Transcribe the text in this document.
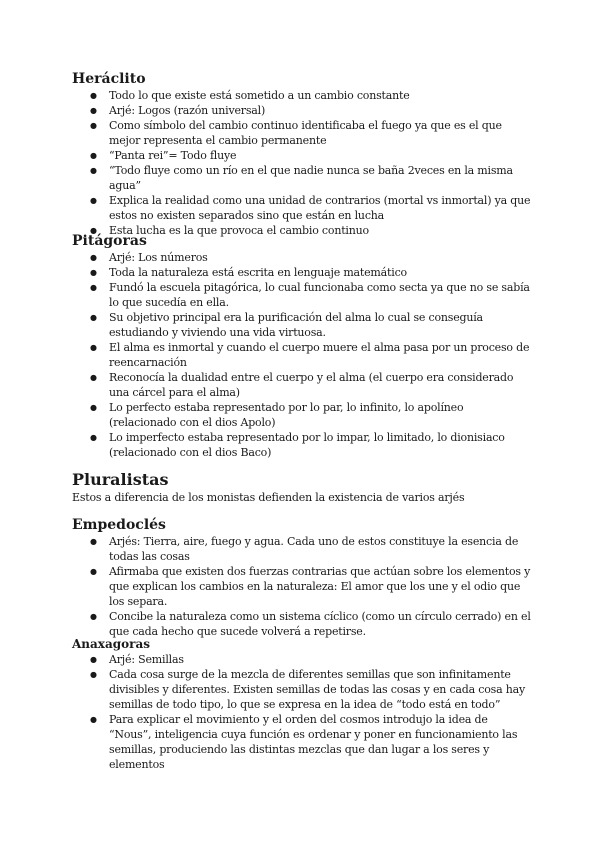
Heráclito
● Todo lo que existe está sometido a un cambio constante
● Arjé: Logos (razón universal)
● Como símbolo del cambio continuo identificaba el fuego ya que es el que mejor representa el cambio permanente
● “Panta rei”= Todo fluye
● “Todo fluye como un río en el que nadie nunca se baña 2veces en la misma agua”
● Explica la realidad como una unidad de contrarios (mortal vs inmortal) ya que estos no existen separados sino que están en lucha
● Esta lucha es la que provoca el cambio continuo
Pitágoras
● Arjé: Los números
● Toda la naturaleza está escrita en lenguaje matemático
● Fundó la escuela pitagórica, lo cual funcionaba como secta ya que no se sabía lo que sucedía en ella.
● Su objetivo principal era la purificación del alma lo cual se conseguía estudiando y viviendo una vida virtuosa.
● El alma es inmortal y cuando el cuerpo muere el alma pasa por un proceso de reencarnación
● Reconocía la dualidad entre el cuerpo y el alma (el cuerpo era considerado una cárcel para el alma)
● Lo perfecto estaba representado por lo par, lo infinito, lo apolíneo (relacionado con el dios Apolo)
● Lo imperfecto estaba representado por lo impar, lo limitado, lo dionisiaco (relacionado con el dios Baco)
Pluralistas

Estos a diferencia de los monistas defienden la existencia de varios arjés

Empedoclés
● Arjés: Tierra, aire, fuego y agua. Cada uno de estos constituye la esencia de todas las cosas
● Afirmaba que existen dos fuerzas contrarias que actúan sobre los elementos y que explican los cambios en la naturaleza: El amor que los une y el odio que los separa.
● Concibe la naturaleza como un sistema cíclico (como un círculo cerrado) en el que cada hecho que sucede volverá a repetirse.
Anaxagoras
● Arjé: Semillas
● Cada cosa surge de la mezcla de diferentes semillas que son infinitamente divisibles y diferentes. Existen semillas de todas las cosas y en cada cosa hay semillas de todo tipo, lo que se expresa en la idea de “todo está en todo”
● Para explicar el movimiento y el orden del cosmos introdujo la idea de “Nous”, inteligencia cuya función es ordenar y poner en funcionamiento las semillas, produciendo las distintas mezclas que dan lugar a los seres y elementos
